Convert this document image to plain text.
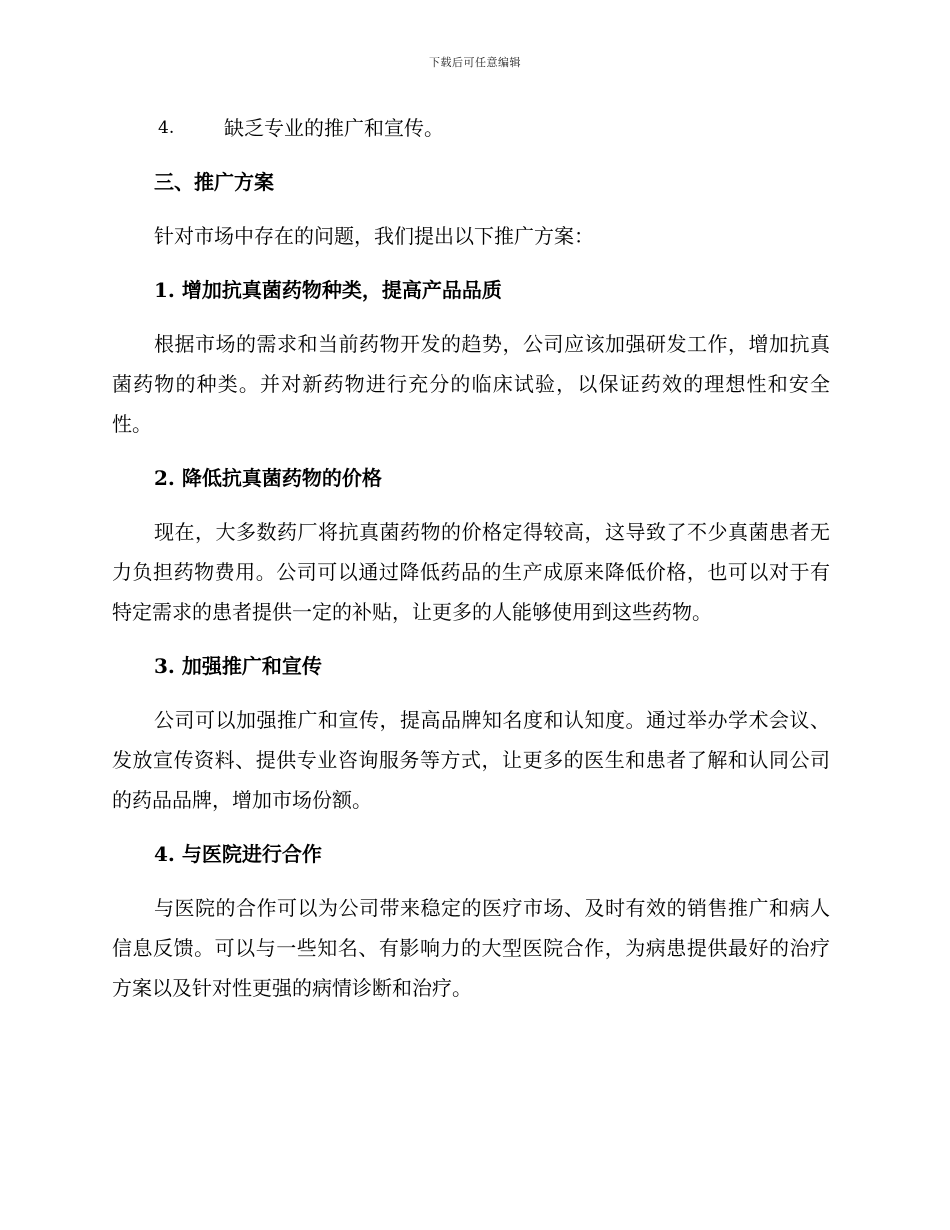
下载后可任意编辑
4.	缺乏专业的推广和宣传。
三、推广方案
针对市场中存在的问题，我们提出以下推广方案：
1. 增加抗真菌药物种类，提高产品品质

根据市场的需求和当前药物开发的趋势，公司应该加强研发工作，增加抗真菌药物的种类。并对新药物进行充分的临床试验，以保证药效的理想性和安全性。

2. 降低抗真菌药物的价格

现在，大多数药厂将抗真菌药物的价格定得较高，这导致了不少真菌患者无力负担药物费用。公司可以通过降低药品的生产成原来降低价格，也可以对于有特定需求的患者提供一定的补贴，让更多的人能够使用到这些药物。

3. 加强推广和宣传

公司可以加强推广和宣传，提高品牌知名度和认知度。通过举办学术会议、发放宣传资料、提供专业咨询服务等方式，让更多的医生和患者了解和认同公司的药品品牌，增加市场份额。

4. 与医院进行合作

与医院的合作可以为公司带来稳定的医疗市场、及时有效的销售推广和病人信息反馈。可以与一些知名、有影响力的大型医院合作，为病患提供最好的治疗方案以及针对性更强的病情诊断和治疗。
